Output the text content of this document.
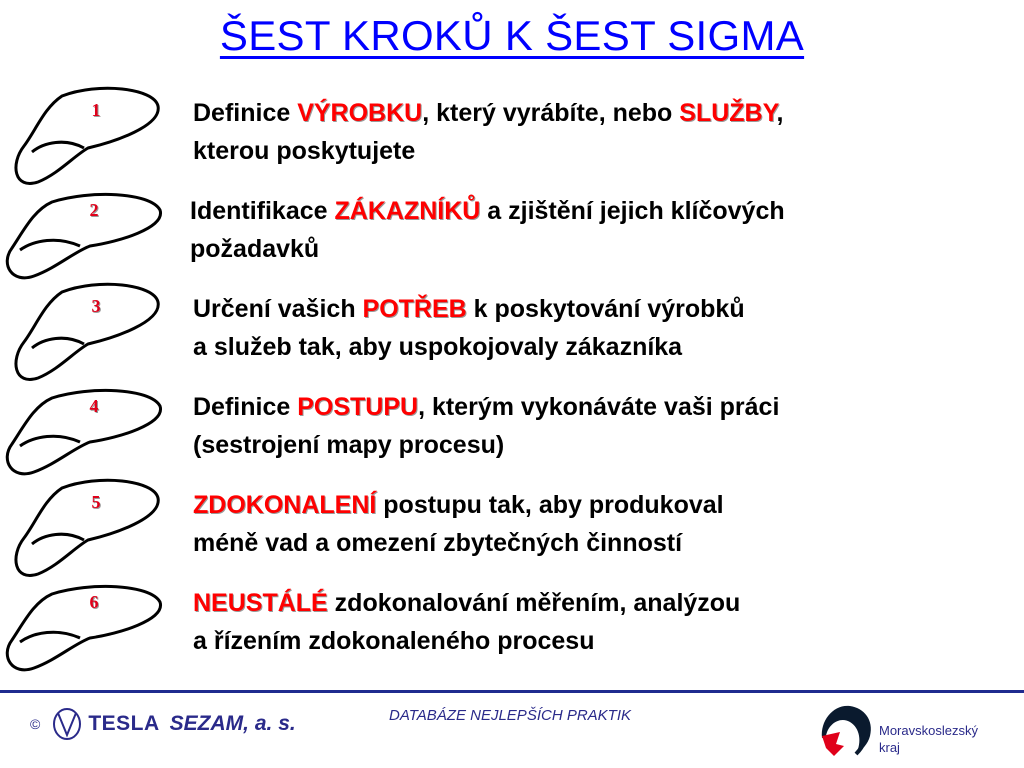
ŠEST KROKŮ K ŠEST SIGMA
1	Definice VÝROBKU, který vyrábíte, nebo SLUŽBY,
kterou poskytujete

2	Identifikace ZÁKAZNÍKŮ a zjištění jejich klíčových
požadavků

3	Určení vašich POTŘEB k poskytování výrobků
a služeb tak, aby uspokojovaly zákazníka

4	Definice POSTUPU, kterým vykonáváte vaši práci
(sestrojení mapy procesu)

5	ZDOKONALENÍ postupu tak, aby produkoval
méně vad a omezení zbytečných činností

6	NEUSTÁLÉ zdokonalování měřením, analýzou
a řízením zdokonaleného procesu

© TESLA SEZAM, a. s.	DATABÁZE NEJLEPŠÍCH PRAKTIK

Moravskoslezský
kraj
